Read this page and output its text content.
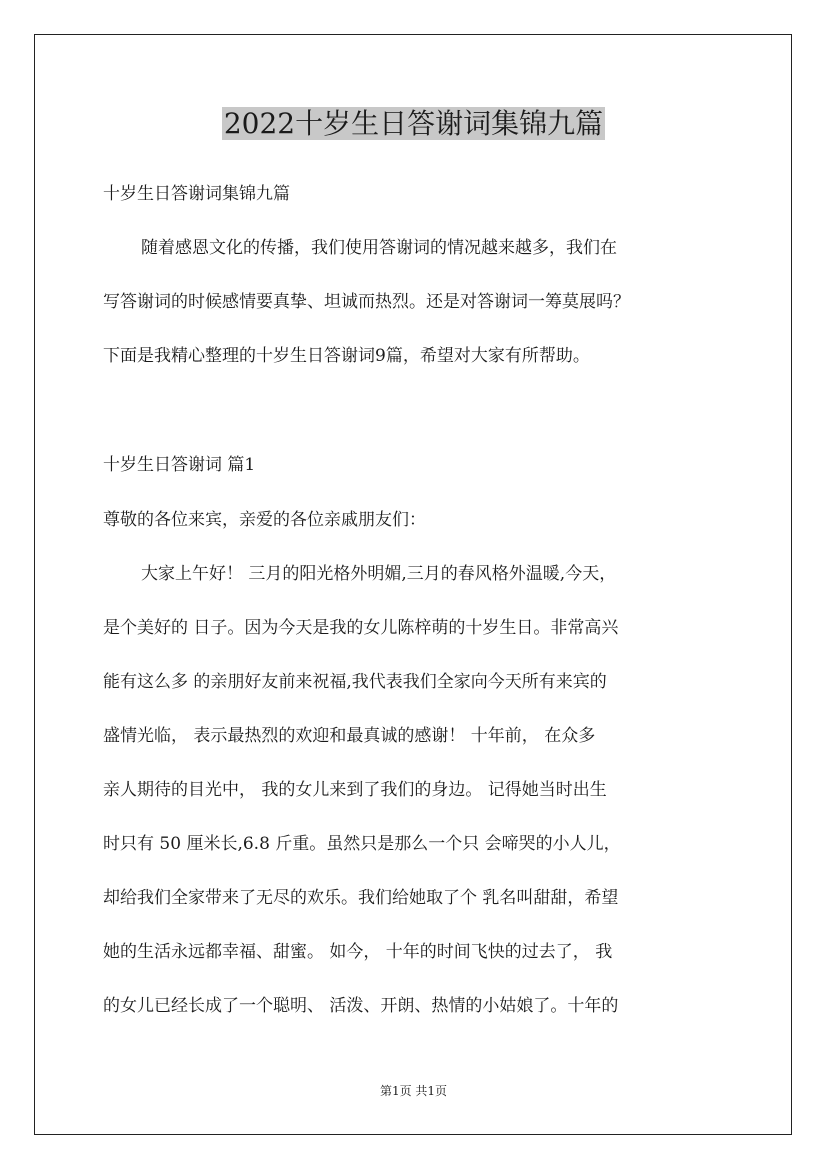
2022十岁生日答谢词集锦九篇
十岁生日答谢词集锦九篇
随着感恩文化的传播，我们使用答谢词的情况越来越多，我们在
写答谢词的时候感情要真挚、坦诚而热烈。还是对答谢词一筹莫展吗？
下面是我精心整理的十岁生日答谢词9篇，希望对大家有所帮助。
十岁生日答谢词 篇1
尊敬的各位来宾，亲爱的各位亲戚朋友们：
大家上午好！ 三月的阳光格外明媚,三月的春风格外温暖,今天，
是个美好的 日子。因为今天是我的女儿陈梓萌的十岁生日。非常高兴
能有这么多 的亲朋好友前来祝福,我代表我们全家向今天所有来宾的
盛情光临， 表示最热烈的欢迎和最真诚的感谢！ 十年前， 在众多
亲人期待的目光中， 我的女儿来到了我们的身边。 记得她当时出生
时只有 50 厘米长,6.8 斤重。虽然只是那么一个只 会啼哭的小人儿，
却给我们全家带来了无尽的欢乐。我们给她取了个 乳名叫甜甜，希望
她的生活永远都幸福、甜蜜。 如今， 十年的时间飞快的过去了， 我
的女儿已经长成了一个聪明、 活泼、开朗、热情的小姑娘了。十年的
第1页 共1页
